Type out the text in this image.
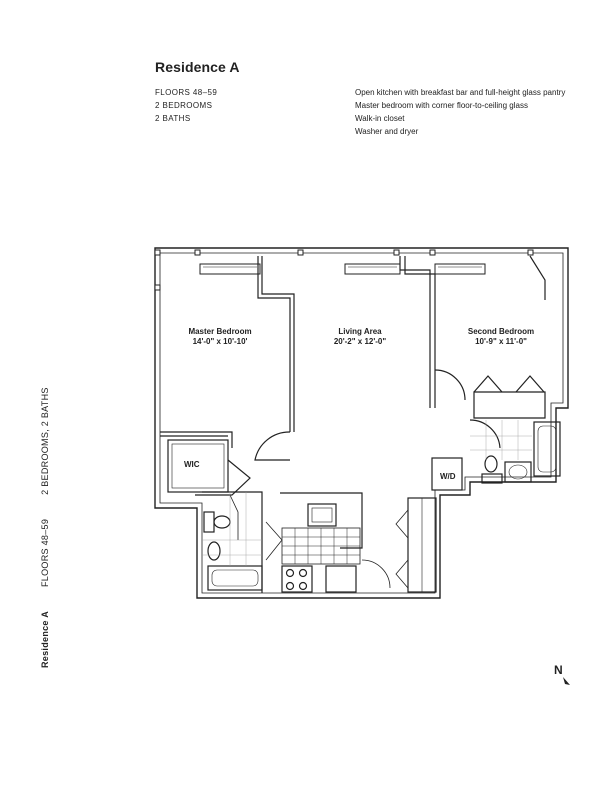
Residence A
FLOORS 48–59
2 BEDROOMS
2 BATHS
Open kitchen with breakfast bar and full-height glass pantry
Master bedroom with corner floor-to-ceiling glass
Walk-in closet
Washer and dryer
Master Bedroom
14'-0" x 10'-10'
Living Area
20'-2" x 12'-0"
Second Bedroom
10'-9" x 11'-0"
WIC
W/D
N
Residence AFLOORS 48–592 BEDROOMS, 2 BATHS
